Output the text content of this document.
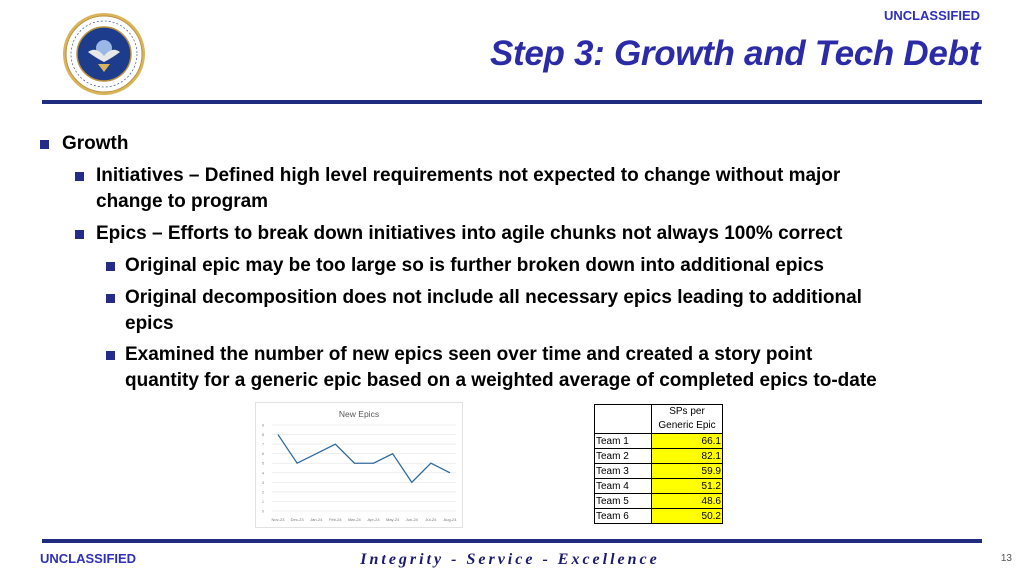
UNCLASSIFIED
Step 3: Growth and Tech Debt
Growth
Initiatives – Defined high level requirements not expected to change without major
change to program
Epics – Efforts to break down initiatives into agile chunks not always 100% correct
Original epic may be too large so is further broken down into additional epics
Original decomposition does not include all necessary epics leading to additional
epics
Examined the number of new epics seen over time and created a story point
quantity for a generic epic based on a weighted average of completed epics to-date
New Epics
0
1
2
3
4
5
6
7
8
9
Nov-23 Dec-23 Jan-24 Feb-24 Mar-24 Apr-24 May-24 Jun-24 Jul-24 Aug-24

	SPs per
Generic Epic

Team 1	66.1
Team 2	82.1
Team 3	59.9
Team 4	51.2
Team 5	48.6
Team 6	50.2
UNCLASSIFIED	Integrity - Service - Excellence	13
